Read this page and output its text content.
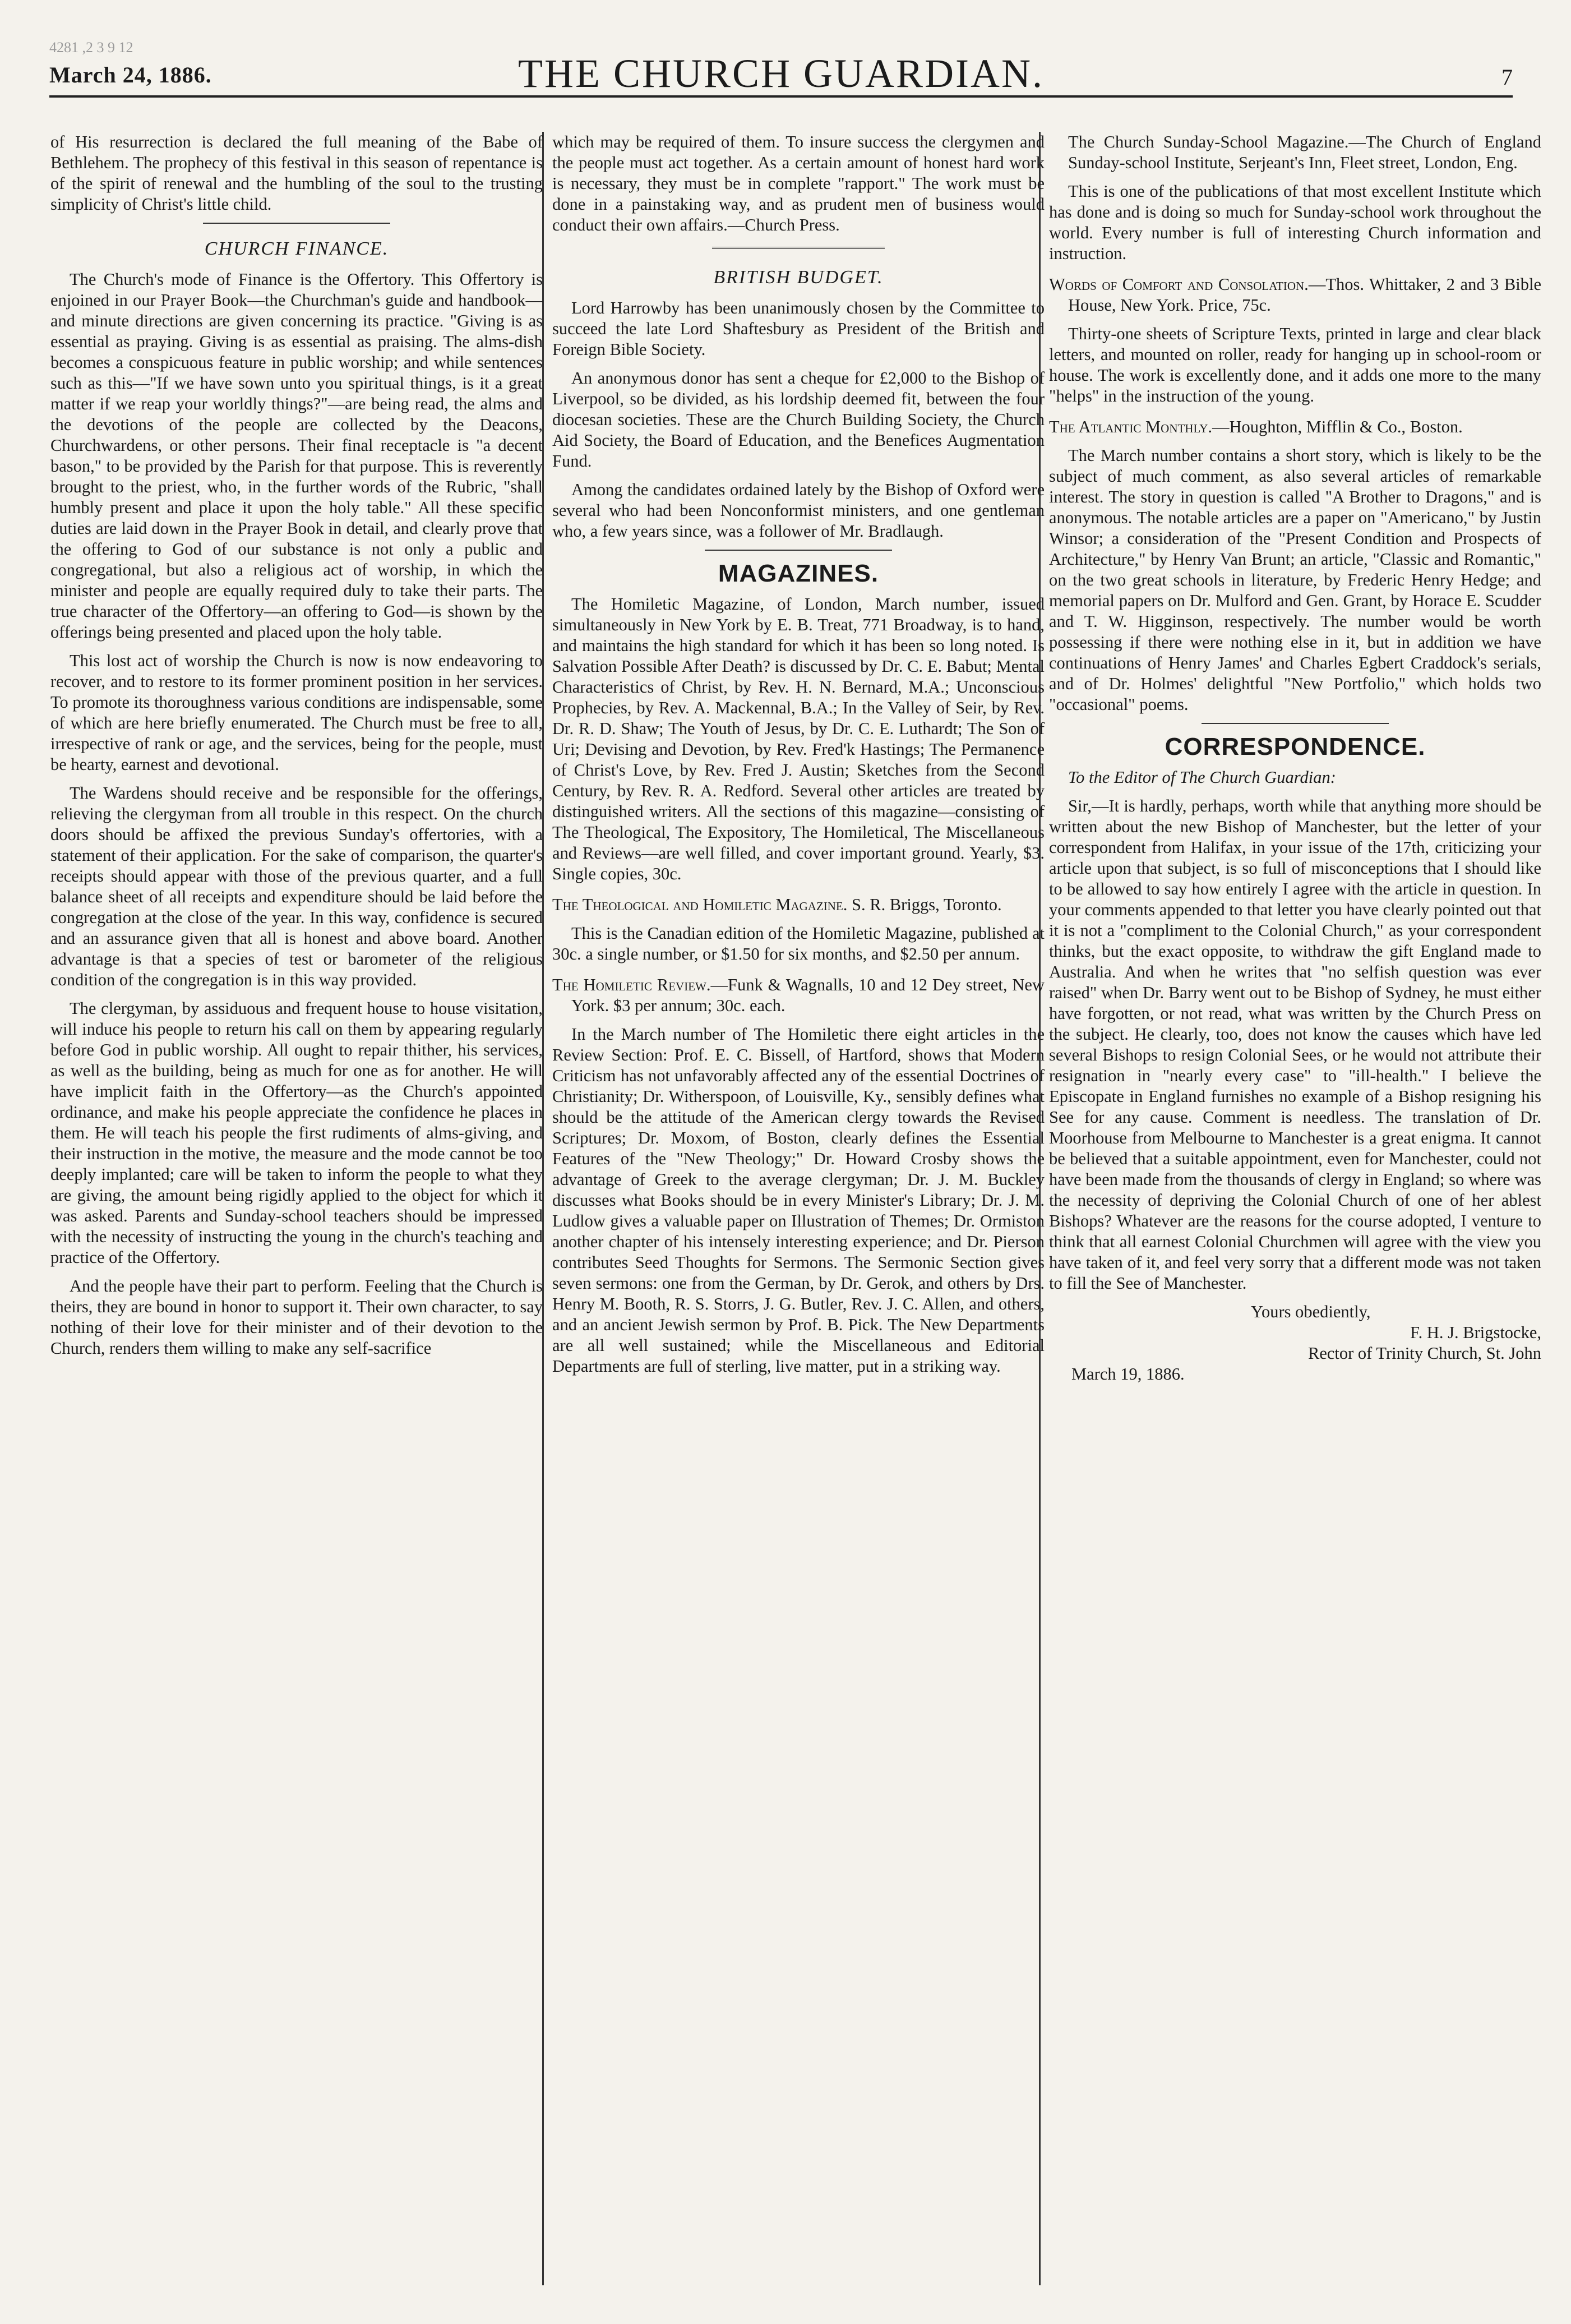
4281 ,2 3 9 12
March 24, 1886.	THE CHURCH GUARDIAN.	7

of His resurrection is declared the full meaning of the Babe of Bethlehem. The prophecy of this festival in this season of repentance is of the spirit of renewal and the humbling of the soul to the trusting simplicity of Christ's little child.

CHURCH FINANCE.

The Church's mode of Finance is the Offertory. This Offertory is enjoined in our Prayer Book—the Churchman's guide and handbook—and minute directions are given concerning its practice. "Giving is as essential as praying. Giving is as essential as praising. The alms-dish becomes a conspicuous feature in public worship; and while sentences such as this—"If we have sown unto you spiritual things, is it a great matter if we reap your worldly things?"—are being read, the alms and the devotions of the people are collected by the Deacons, Churchwardens, or other persons. Their final receptacle is "a decent bason," to be provided by the Parish for that purpose. This is reverently brought to the priest, who, in the further words of the Rubric, "shall humbly present and place it upon the holy table." All these specific duties are laid down in the Prayer Book in detail, and clearly prove that the offering to God of our substance is not only a public and congregational, but also a religious act of worship, in which the minister and people are equally required duly to take their parts. The true character of the Offertory—an offering to God—is shown by the offerings being presented and placed upon the holy table.

This lost act of worship the Church is now is now endeavoring to recover, and to restore to its former prominent position in her services. To promote its thoroughness various conditions are indispensable, some of which are here briefly enumerated. The Church must be free to all, irrespective of rank or age, and the services, being for the people, must be hearty, earnest and devotional.

The Wardens should receive and be responsible for the offerings, relieving the clergyman from all trouble in this respect. On the church doors should be affixed the previous Sunday's offertories, with a statement of their application. For the sake of comparison, the quarter's receipts should appear with those of the previous quarter, and a full balance sheet of all receipts and expenditure should be laid before the congregation at the close of the year. In this way, confidence is secured and an assurance given that all is honest and above board. Another advantage is that a species of test or barometer of the religious condition of the congregation is in this way provided.

The clergyman, by assiduous and frequent house to house visitation, will induce his people to return his call on them by appearing regularly before God in public worship. All ought to repair thither, his services, as well as the building, being as much for one as for another. He will have implicit faith in the Offertory—as the Church's appointed ordinance, and make his people appreciate the confidence he places in them. He will teach his people the first rudiments of alms-giving, and their instruction in the motive, the measure and the mode cannot be too deeply implanted; care will be taken to inform the people to what they are giving, the amount being rigidly applied to the object for which it was asked. Parents and Sunday-school teachers should be impressed with the necessity of instructing the young in the church's teaching and practice of the Offertory.

And the people have their part to perform. Feeling that the Church is theirs, they are bound in honor to support it. Their own character, to say nothing of their love for their minister and of their devotion to the Church, renders them willing to make any self-sacrifice

which may be required of them. To insure success the clergymen and the people must act together. As a certain amount of honest hard work is necessary, they must be in complete "rapport." The work must be done in a painstaking way, and as prudent men of business would conduct their own affairs.—Church Press.

BRITISH BUDGET.

Lord Harrowby has been unanimously chosen by the Committee to succeed the late Lord Shaftesbury as President of the British and Foreign Bible Society.

An anonymous donor has sent a cheque for £2,000 to the Bishop of Liverpool, so be divided, as his lordship deemed fit, between the four diocesan societies. These are the Church Building Society, the Church Aid Society, the Board of Education, and the Benefices Augmentation Fund.

Among the candidates ordained lately by the Bishop of Oxford were several who had been Nonconformist ministers, and one gentleman who, a few years since, was a follower of Mr. Bradlaugh.

MAGAZINES.

The Homiletic Magazine, of London, March number, issued simultaneously in New York by E. B. Treat, 771 Broadway, is to hand, and maintains the high standard for which it has been so long noted. Is Salvation Possible After Death? is discussed by Dr. C. E. Babut; Mental Characteristics of Christ, by Rev. H. N. Bernard, M.A.; Unconscious Prophecies, by Rev. A. Mackennal, B.A.; In the Valley of Seir, by Rev. Dr. R. D. Shaw; The Youth of Jesus, by Dr. C. E. Luthardt; The Son of Uri; Devising and Devotion, by Rev. Fred'k Hastings; The Permanence of Christ's Love, by Rev. Fred J. Austin; Sketches from the Second Century, by Rev. R. A. Redford. Several other articles are treated by distinguished writers. All the sections of this magazine—consisting of The Theological, The Expository, The Homiletical, The Miscellaneous and Reviews—are well filled, and cover important ground. Yearly, $3. Single copies, 30c.

The Theological and Homiletic Magazine. S. R. Briggs, Toronto.

This is the Canadian edition of the Homiletic Magazine, published at 30c. a single number, or $1.50 for six months, and $2.50 per annum.

The Homiletic Review.—Funk & Wagnalls, 10 and 12 Dey street, New York. $3 per annum; 30c. each.

In the March number of The Homiletic there eight articles in the Review Section: Prof. E. C. Bissell, of Hartford, shows that Modern Criticism has not unfavorably affected any of the essential Doctrines of Christianity; Dr. Witherspoon, of Louisville, Ky., sensibly defines what should be the attitude of the American clergy towards the Revised Scriptures; Dr. Moxom, of Boston, clearly defines the Essential Features of the "New Theology;" Dr. Howard Crosby shows the advantage of Greek to the average clergyman; Dr. J. M. Buckley discusses what Books should be in every Minister's Library; Dr. J. M. Ludlow gives a valuable paper on Illustration of Themes; Dr. Ormiston another chapter of his intensely interesting experience; and Dr. Pierson contributes Seed Thoughts for Sermons. The Sermonic Section gives seven sermons: one from the German, by Dr. Gerok, and others by Drs. Henry M. Booth, R. S. Storrs, J. G. Butler, Rev. J. C. Allen, and others, and an ancient Jewish sermon by Prof. B. Pick. The New Departments are all well sustained; while the Miscellaneous and Editorial Departments are full of sterling, live matter, put in a striking way.

The Church Sunday-School Magazine.—The Church of England Sunday-school Institute, Serjeant's Inn, Fleet street, London, Eng.

This is one of the publications of that most excellent Institute which has done and is doing so much for Sunday-school work throughout the world. Every number is full of interesting Church information and instruction.

Words of Comfort and Consolation.—Thos. Whittaker, 2 and 3 Bible House, New York. Price, 75c.

Thirty-one sheets of Scripture Texts, printed in large and clear black letters, and mounted on roller, ready for hanging up in school-room or house. The work is excellently done, and it adds one more to the many "helps" in the instruction of the young.

The Atlantic Monthly.—Houghton, Mifflin & Co., Boston.

The March number contains a short story, which is likely to be the subject of much comment, as also several articles of remarkable interest. The story in question is called "A Brother to Dragons," and is anonymous. The notable articles are a paper on "Americano," by Justin Winsor; a consideration of the "Present Condition and Prospects of Architecture," by Henry Van Brunt; an article, "Classic and Romantic," on the two great schools in literature, by Frederic Henry Hedge; and memorial papers on Dr. Mulford and Gen. Grant, by Horace E. Scudder and T. W. Higginson, respectively. The number would be worth possessing if there were nothing else in it, but in addition we have continuations of Henry James' and Charles Egbert Craddock's serials, and of Dr. Holmes' delightful "New Portfolio," which holds two "occasional" poems.

CORRESPONDENCE.

To the Editor of The Church Guardian:

Sir,—It is hardly, perhaps, worth while that anything more should be written about the new Bishop of Manchester, but the letter of your correspondent from Halifax, in your issue of the 17th, criticizing your article upon that subject, is so full of misconceptions that I should like to be allowed to say how entirely I agree with the article in question. In your comments appended to that letter you have clearly pointed out that it is not a "compliment to the Colonial Church," as your correspondent thinks, but the exact opposite, to withdraw the gift England made to Australia. And when he writes that "no selfish question was ever raised" when Dr. Barry went out to be Bishop of Sydney, he must either have forgotten, or not read, what was written by the Church Press on the subject. He clearly, too, does not know the causes which have led several Bishops to resign Colonial Sees, or he would not attribute their resignation in "nearly every case" to "ill-health." I believe the Episcopate in England furnishes no example of a Bishop resigning his See for any cause. Comment is needless. The translation of Dr. Moorhouse from Melbourne to Manchester is a great enigma. It cannot be believed that a suitable appointment, even for Manchester, could not have been made from the thousands of clergy in England; so where was the necessity of depriving the Colonial Church of one of her ablest Bishops? Whatever are the reasons for the course adopted, I venture to think that all earnest Colonial Churchmen will agree with the view you have taken of it, and feel very sorry that a different mode was not taken to fill the See of Manchester.

Yours obediently,

F. H. J. Brigstocke,

Rector of Trinity Church, St. John

March 19, 1886.
